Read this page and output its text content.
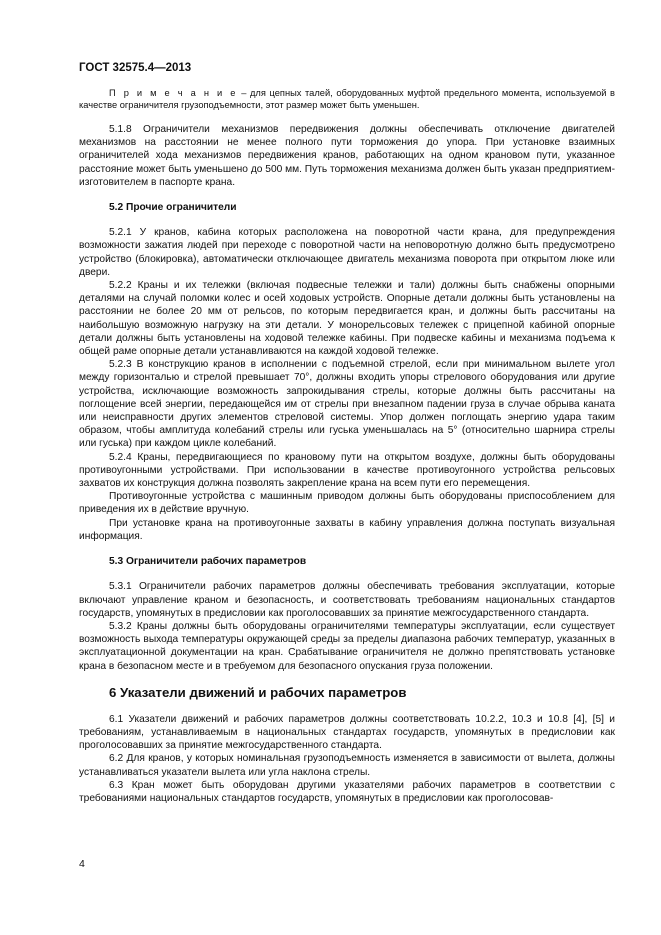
ГОСТ 32575.4—2013

П р и м е ч а н и е – для цепных талей, оборудованных муфтой предельного момента, используемой в качестве ограничителя грузоподъемности, этот размер может быть уменьшен.

5.1.8 Ограничители механизмов передвижения должны обеспечивать отключение двигателей механизмов на расстоянии не менее полного пути торможения до упора. При установке взаимных ограничителей хода механизмов передвижения кранов, работающих на одном крановом пути, указанное расстояние может быть уменьшено до 500 мм. Путь торможения механизма должен быть указан предприятием-изготовителем в паспорте крана.

5.2 Прочие ограничители

5.2.1 У кранов, кабина которых расположена на поворотной части крана, для предупреждения возможности зажатия людей при переходе с поворотной части на неповоротную должно быть предусмотрено устройство (блокировка), автоматически отключающее двигатель механизма поворота при открытом люке или двери.

5.2.2 Краны и их тележки (включая подвесные тележки и тали) должны быть снабжены опорными деталями на случай поломки колес и осей ходовых устройств. Опорные детали должны быть установлены на расстоянии не более 20 мм от рельсов, по которым передвигается кран, и должны быть рассчитаны на наибольшую возможную нагрузку на эти детали. У монорельсовых тележек с прицепной кабиной опорные детали должны быть установлены на ходовой тележке кабины. При подвеске кабины и механизма подъема к общей раме опорные детали устанавливаются на каждой ходовой тележке.

5.2.3 В конструкцию кранов в исполнении с подъемной стрелой, если при минимальном вылете угол между горизонталью и стрелой превышает 70°, должны входить упоры стрелового оборудования или другие устройства, исключающие возможность запрокидывания стрелы, которые должны быть рассчитаны на поглощение всей энергии, передающейся им от стрелы при внезапном падении груза в случае обрыва каната или неисправности других элементов стреловой системы. Упор должен поглощать энергию удара таким образом, чтобы амплитуда колебаний стрелы или гуська уменьшалась на 5° (относительно шарнира стрелы или гуська) при каждом цикле колебаний.

5.2.4 Краны, передвигающиеся по крановому пути на открытом воздухе, должны быть оборудованы противоугонными устройствами. При использовании в качестве противоугонного устройства рельсовых захватов их конструкция должна позволять закрепление крана на всем пути его перемещения.

Противоугонные устройства с машинным приводом должны быть оборудованы приспособлением для приведения их в действие вручную.

При установке крана на противоугонные захваты в кабину управления должна поступать визуальная информация.

5.3 Ограничители рабочих параметров

5.3.1 Ограничители рабочих параметров должны обеспечивать требования эксплуатации, которые включают управление краном и безопасность, и соответствовать требованиям национальных стандартов государств, упомянутых в предисловии как проголосовавших за принятие межгосударственного стандарта.

5.3.2 Краны должны быть оборудованы ограничителями температуры эксплуатации, если существует возможность выхода температуры окружающей среды за пределы диапазона рабочих температур, указанных в эксплуатационной документации на кран. Срабатывание ограничителя не должно препятствовать установке крана в безопасном месте и в требуемом для безопасного опускания груза положении.

6 Указатели движений и рабочих параметров

6.1 Указатели движений и рабочих параметров должны соответствовать 10.2.2, 10.3 и 10.8 [4], [5] и требованиям, устанавливаемым в национальных стандартах государств, упомянутых в предисловии как проголосовавших за принятие межгосударственного стандарта.

6.2 Для кранов, у которых номинальная грузоподъемность изменяется в зависимости от вылета, должны устанавливаться указатели вылета или угла наклона стрелы.

6.3 Кран может быть оборудован другими указателями рабочих параметров в соответствии с требованиями национальных стандартов государств, упомянутых в предисловии как проголосовав-

4
